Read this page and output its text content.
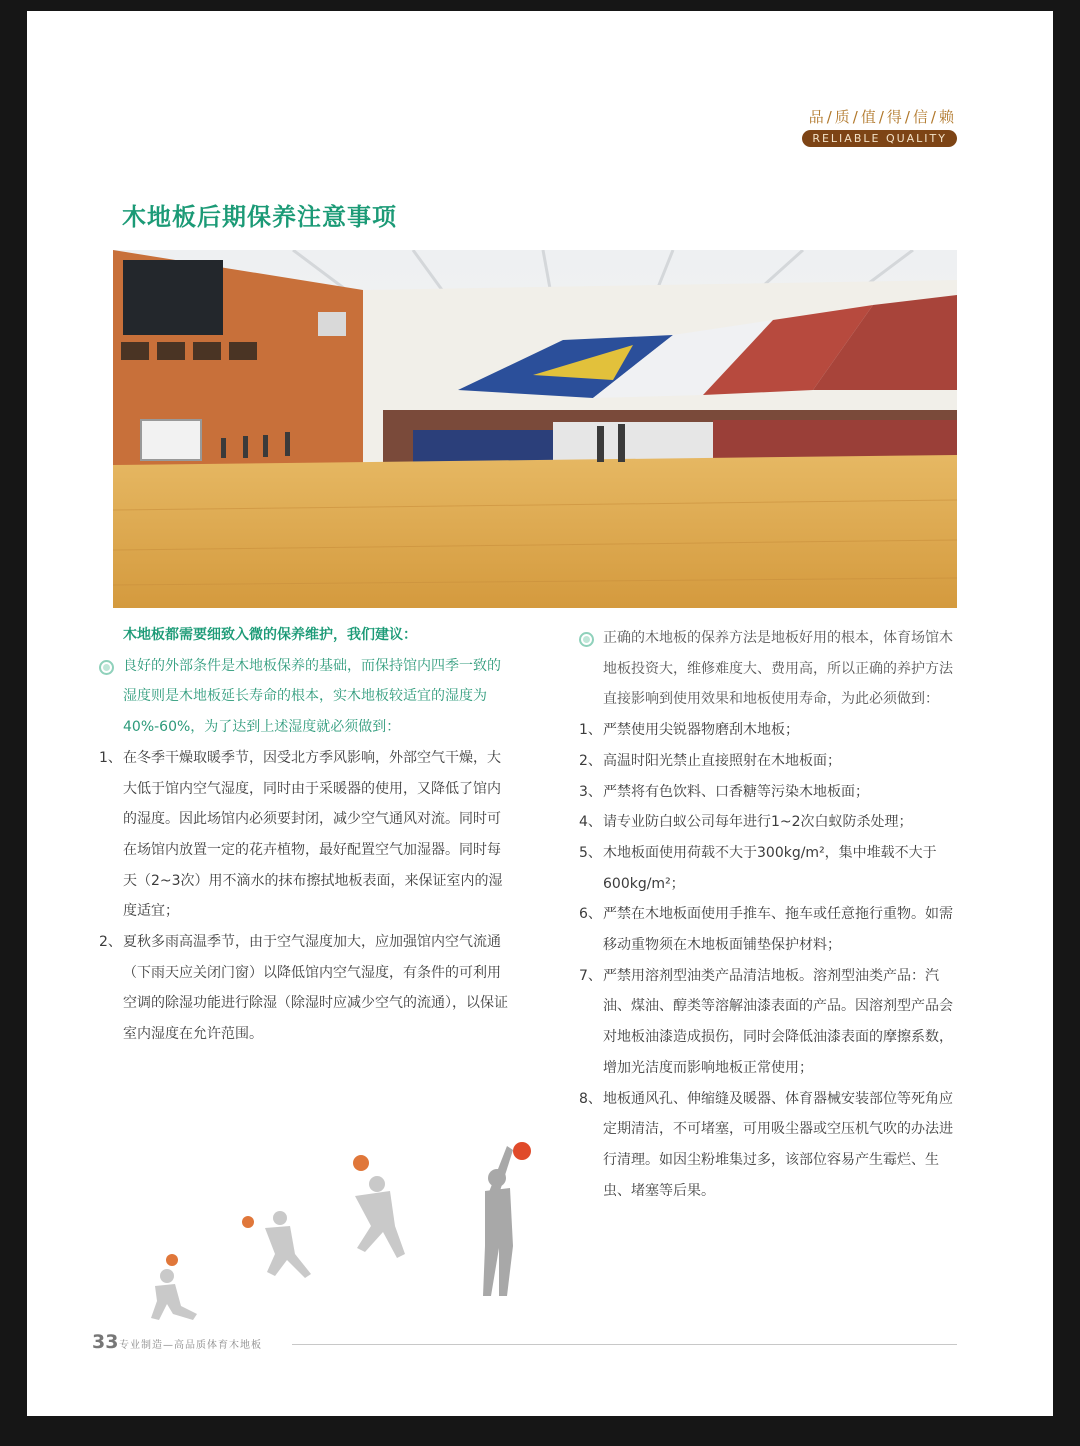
品/质/值/得/信/赖
RELIABLE QUALITY
木地板后期保养注意事项
木地板都需要细致入微的保养维护，我们建议：
良好的外部条件是木地板保养的基础，而保持馆内四季一致的湿度则是木地板延长寿命的根本，实木地板较适宜的湿度为40%-60%，为了达到上述湿度就必须做到：
1、 在冬季干燥取暖季节，因受北方季风影响，外部空气干燥，大大低于馆内空气湿度，同时由于采暖器的使用，又降低了馆内的湿度。因此场馆内必须要封闭，减少空气通风对流。同时可在场馆内放置一定的花卉植物，最好配置空气加湿器。同时每天（2~3次）用不滴水的抹布擦拭地板表面，来保证室内的湿度适宜；
2、 夏秋多雨高温季节，由于空气湿度加大，应加强馆内空气流通（下雨天应关闭门窗）以降低馆内空气湿度，有条件的可利用空调的除湿功能进行除湿（除湿时应减少空气的流通），以保证室内湿度在允许范围。
正确的木地板的保养方法是地板好用的根本，体育场馆木地板投资大，维修难度大、费用高，所以正确的养护方法直接影响到使用效果和地板使用寿命，为此必须做到：
1、 严禁使用尖锐器物磨刮木地板；
2、 高温时阳光禁止直接照射在木地板面；
3、 严禁将有色饮料、口香糖等污染木地板面；
4、 请专业防白蚁公司每年进行1~2次白蚁防杀处理；
5、 木地板面使用荷载不大于300kg/m²，集中堆载不大于600kg/m²；
6、 严禁在木地板面使用手推车、拖车或任意拖行重物。如需移动重物须在木地板面铺垫保护材料；
7、 严禁用溶剂型油类产品清洁地板。溶剂型油类产品：汽油、煤油、醇类等溶解油漆表面的产品。因溶剂型产品会对地板油漆造成损伤，同时会降低油漆表面的摩擦系数，增加光洁度而影响地板正常使用；
8、 地板通风孔、伸缩缝及暖器、体育器械安装部位等死角应定期清洁，不可堵塞，可用吸尘器或空压机气吹的办法进行清理。如因尘粉堆集过多，该部位容易产生霉烂、生虫、堵塞等后果。
33 专业制造—高品质体育木地板
